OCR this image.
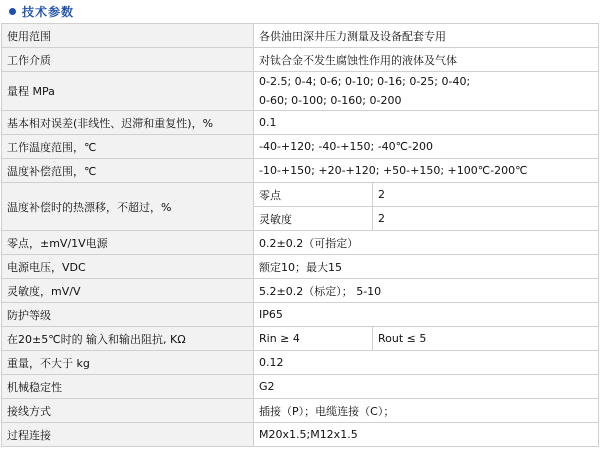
技术参数
使用范围	各供油田深井压力测量及设备配套专用	
工作介质	对钛合金不发生腐蚀性作用的液体及气体	
量程 MPa	0-2.5; 0-4; 0-6; 0-10; 0-16; 0-25; 0-40;
0-60; 0-100; 0-160; 0-200	

基本相对误差(非线性、迟滞和重复性)，%	0.1	
工作温度范围，℃	-40-+120; -40-+150; -40℃-200	
温度补偿范围，℃	-10-+150; +20-+120; +50-+150; +100℃-200℃	
温度补偿时的热漂移，不超过，%	零点	2
	灵敏度	2
零点，±mV/1V电源	0.2±0.2（可指定）	
电源电压，VDC	额定10；最大15	
灵敏度，mV/V	5.2±0.2（标定）； 5-10	
防护等级	IP65	
在20±5℃时的 输入和输出阻抗, KΩ	Rin ≥ 4	Rout ≤ 5
重量，不大于 kg	0.12	
机械稳定性	G2	
接线方式	插接（P）；电缆连接（C）；	
过程连接	M20x1.5;M12x1.5	
